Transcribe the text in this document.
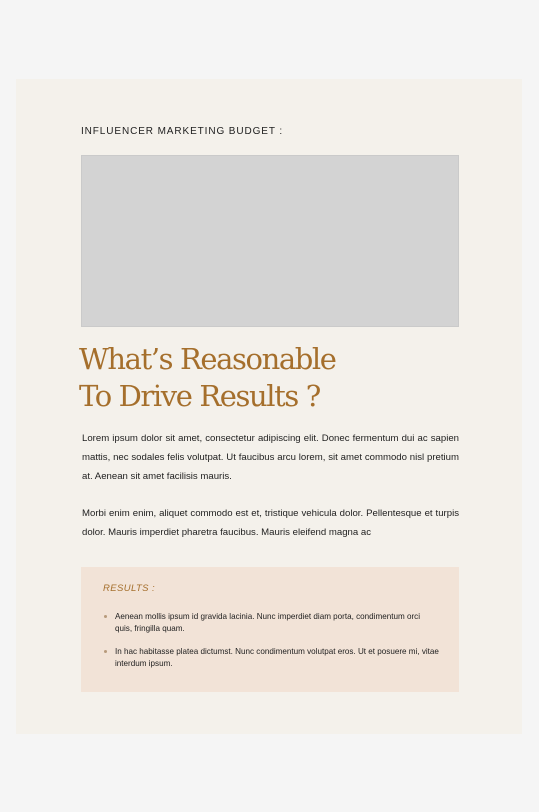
INFLUENCER MARKETING BUDGET :
What’s Reasonable
To Drive Results ?

Lorem ipsum dolor sit amet, consectetur adipiscing elit. Donec fermentum dui ac sapien mattis, nec sodales felis volutpat. Ut faucibus arcu lorem, sit amet commodo nisl pretium at. Aenean sit amet facilisis mauris.

Morbi enim enim, aliquet commodo est et, tristique vehicula dolor. Pellentesque et turpis dolor. Mauris imperdiet pharetra faucibus. Mauris eleifend magna ac

RESULTS :
Aenean mollis ipsum id gravida lacinia. Nunc imperdiet diam porta, condimentum orci quis, fringilla quam.
In hac habitasse platea dictumst. Nunc condimentum volutpat eros. Ut et posuere mi, vitae interdum ipsum.
